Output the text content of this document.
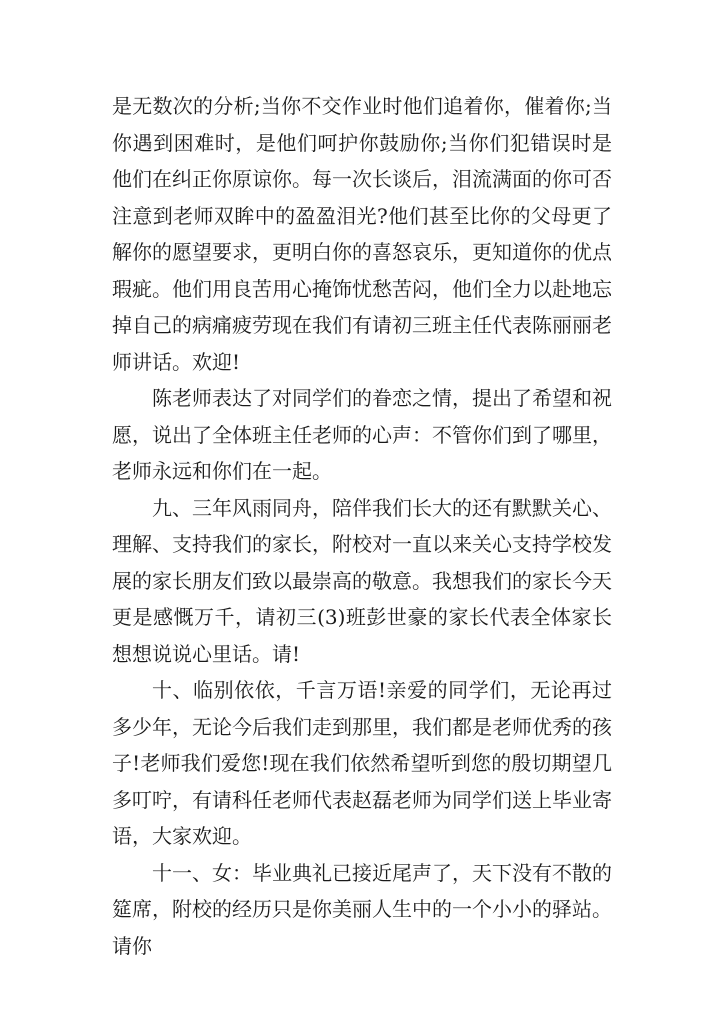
是无数次的分析;当你不交作业时他们追着你，催着你;当你遇到困难时，是他们呵护你鼓励你;当你们犯错误时是他们在纠正你原谅你。每一次长谈后，泪流满面的你可否注意到老师双眸中的盈盈泪光?他们甚至比你的父母更了解你的愿望要求，更明白你的喜怒哀乐，更知道你的优点瑕疵。他们用良苦用心掩饰忧愁苦闷，他们全力以赴地忘掉自己的病痛疲劳现在我们有请初三班主任代表陈丽丽老师讲话。欢迎!

陈老师表达了对同学们的眷恋之情，提出了希望和祝愿，说出了全体班主任老师的心声：不管你们到了哪里，老师永远和你们在一起。

九、三年风雨同舟，陪伴我们长大的还有默默关心、理解、支持我们的家长，附校对一直以来关心支持学校发展的家长朋友们致以最崇高的敬意。我想我们的家长今天更是感慨万千，请初三(3)班彭世豪的家长代表全体家长想想说说心里话。请!

十、临别依依，千言万语!亲爱的同学们，无论再过多少年，无论今后我们走到那里，我们都是老师优秀的孩子!老师我们爱您!现在我们依然希望听到您的殷切期望几多叮咛，有请科任老师代表赵磊老师为同学们送上毕业寄语，大家欢迎。

十一、女：毕业典礼已接近尾声了，天下没有不散的筵席，附校的经历只是你美丽人生中的一个小小的驿站。请你
